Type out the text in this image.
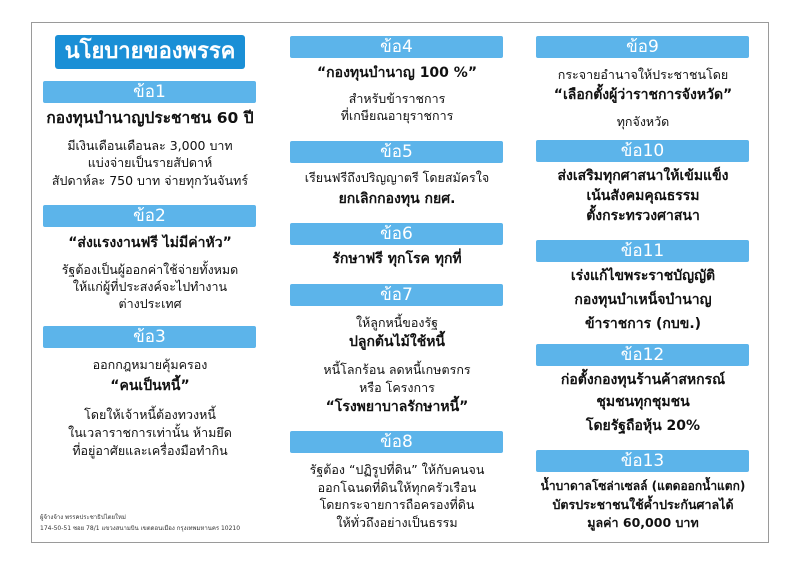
นโยบายของพรรค
ข้อ1
กองทุนบำนาญประชาชน 60 ปี
มีเงินเดือนเดือนละ 3,000 บาท
แบ่งจ่ายเป็นรายสัปดาห์
สัปดาห์ละ 750 บาท จ่ายทุกวันจันทร์
ข้อ2
“ส่งแรงงานฟรี ไม่มีค่าหัว”
รัฐต้องเป็นผู้ออกค่าใช้จ่ายทั้งหมด
ให้แก่ผู้ที่ประสงค์จะไปทำงาน
ต่างประเทศ
ข้อ3
ออกกฎหมายคุ้มครอง
“คนเป็นหนี้”
โดยให้เจ้าหนี้ต้องทวงหนี้
ในเวลาราชการเท่านั้น ห้ามยึด
ที่อยู่อาศัยและเครื่องมือทำกิน
ผู้จ้างจ้าง พรรคประชาธิปไตยใหม่
174-50-51 ซอย 78/1 แขวงสนามบิน เขตดอนเมือง กรุงเทพมหานคร 10210
ข้อ4
“กองทุนบำนาญ 100 %”
สำหรับข้าราชการ
ที่เกษียณอายุราชการ
ข้อ5
เรียนฟรีถึงปริญญาตรี โดยสมัครใจ
ยกเลิกกองทุน กยศ.
ข้อ6
รักษาฟรี ทุกโรค ทุกที่
ข้อ7
ให้ลูกหนี้ของรัฐ
ปลูกต้นไม้ใช้หนี้
หนี้โลกร้อน ลดหนี้เกษตรกร
หรือ โครงการ
“โรงพยาบาลรักษาหนี้”
ข้อ8
รัฐต้อง “ปฏิรูปที่ดิน” ให้กับคนจน
ออกโฉนดที่ดินให้ทุกครัวเรือน
โดยกระจายการถือครองที่ดิน
ให้ทั่วถึงอย่างเป็นธรรม
ข้อ9
กระจายอำนาจให้ประชาชนโดย
“เลือกตั้งผู้ว่าราชการจังหวัด”
ทุกจังหวัด
ข้อ10
ส่งเสริมทุกศาสนาให้เข้มแข็ง
เน้นสังคมคุณธรรม
ตั้งกระทรวงศาสนา
ข้อ11
เร่งแก้ไขพระราชบัญญัติ
กองทุนบำเหน็จบำนาญ
ข้าราชการ (กบข.)
ข้อ12
ก่อตั้งกองทุนร้านค้าสหกรณ์
ชุมชนทุกชุมชน
โดยรัฐถือหุ้น 20%
ข้อ13
น้ำบาดาลโซล่าเซลล์ (แตดออกน้ำแตก)
บัตรประชาชนใช้ค้ำประกันศาลได้
มูลค่า 60,000 บาท
